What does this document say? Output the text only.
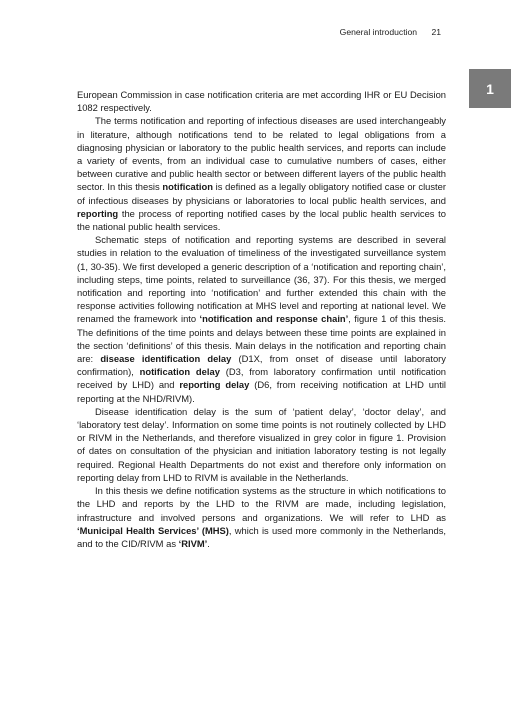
General introduction 21
1

European Commission in case notification criteria are met according IHR or EU Decision 1082 respectively.

The terms notification and reporting of infectious diseases are used interchangeably in literature, although notifications tend to be related to legal obligations from a diagnosing physician or laboratory to the public health services, and reports can include a variety of events, from an individual case to cumulative numbers of cases, either between curative and public health sector or between different layers of the public health sector. In this thesis notification is defined as a legally obligatory notified case or cluster of infectious diseases by physicians or laboratories to local public health services, and reporting the process of reporting notified cases by the local public health services to the national public health services.

Schematic steps of notification and reporting systems are described in several studies in relation to the evaluation of timeliness of the investigated surveillance system (1, 30-35). We first developed a generic description of a ‘notification and reporting chain’, including steps, time points, related to surveillance (36, 37). For this thesis, we merged notification and reporting into ‘notification’ and further extended this chain with the response activities following notification at MHS level and reporting at national level. We renamed the framework into ‘notification and response chain’, figure 1 of this thesis. The definitions of the time points and delays between these time points are explained in the section ‘definitions’ of this thesis. Main delays in the notification and reporting chain are: disease identification delay (D1X, from onset of disease until laboratory confirmation), notification delay (D3, from laboratory confirmation until notification received by LHD) and reporting delay (D6, from receiving notification at LHD until reporting at the NHD/RIVM).

Disease identification delay is the sum of ‘patient delay’, ‘doctor delay’, and ‘laboratory test delay’. Information on some time points is not routinely collected by LHD or RIVM in the Netherlands, and therefore visualized in grey color in figure 1. Provision of dates on consultation of the physician and initiation laboratory testing is not legally required. Regional Health Departments do not exist and therefore only information on reporting delay from LHD to RIVM is available in the Netherlands.

In this thesis we define notification systems as the structure in which notifications to the LHD and reports by the LHD to the RIVM are made, including legislation, infrastructure and involved persons and organizations. We will refer to LHD as ‘Municipal Health Services’ (MHS), which is used more commonly in the Netherlands, and to the CID/RIVM as ‘RIVM’.
